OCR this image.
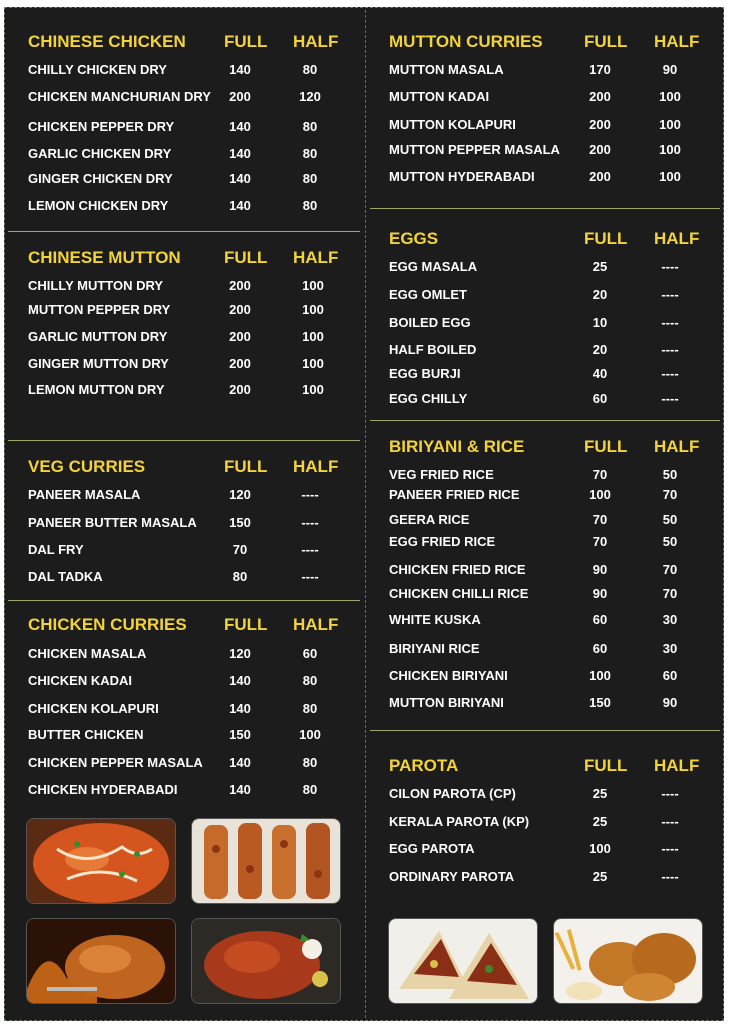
CHINESE CHICKEN FULL HALF
CHILLY CHICKEN DRY	140	80
CHICKEN MANCHURIAN DRY	200	120
CHICKEN PEPPER DRY	140	80
GARLIC CHICKEN DRY	140	80
GINGER CHICKEN DRY	140	80
LEMON CHICKEN DRY	140	80
CHINESE MUTTON	FULL HALF
CHILLY MUTTON DRY	200	100
MUTTON PEPPER DRY	200	100
GARLIC MUTTON DRY	200	100
GINGER MUTTON DRY	200	100
LEMON MUTTON DRY	200	100
VEG CURRIES	FULL HALF
PANEER MASALA	120	----
PANEER BUTTER MASALA	150	----
DAL FRY	70	----
DAL TADKA	80	----
CHICKEN CURRIES FULL HALF
CHICKEN MASALA	120	60
CHICKEN KADAI	140	80
CHICKEN KOLAPURI	140	80
BUTTER CHICKEN	150	100
CHICKEN PEPPER MASALA	140	80
CHICKEN HYDERABADI	140	80
MUTTON CURRIES FULL HALF
MUTTON MASALA	170	90
MUTTON KADAI	200	100
MUTTON KOLAPURI	200	100
MUTTON PEPPER MASALA	200	100
MUTTON HYDERABADI	200	100
EGGS	FULL HALF
EGG MASALA	25	----
EGG OMLET	20	----
BOILED EGG	10	----
HALF BOILED	20	----
EGG BURJI	40	----
EGG CHILLY	60	----
BIRIYANI & RICE	FULL HALF
VEG FRIED RICE	70	50
PANEER FRIED RICE	100	70
GEERA RICE	70	50
EGG FRIED RICE	70	50
CHICKEN FRIED RICE	90	70
CHICKEN CHILLI RICE	90	70
WHITE KUSKA	60	30
BIRIYANI RICE	60	30
CHICKEN BIRIYANI	100	60
MUTTON BIRIYANI	150	90
PAROTA	FULL HALF
CILON PAROTA (CP)	25	----
KERALA PAROTA (KP)	25	----
EGG PAROTA	100	----
ORDINARY PAROTA	25	----
